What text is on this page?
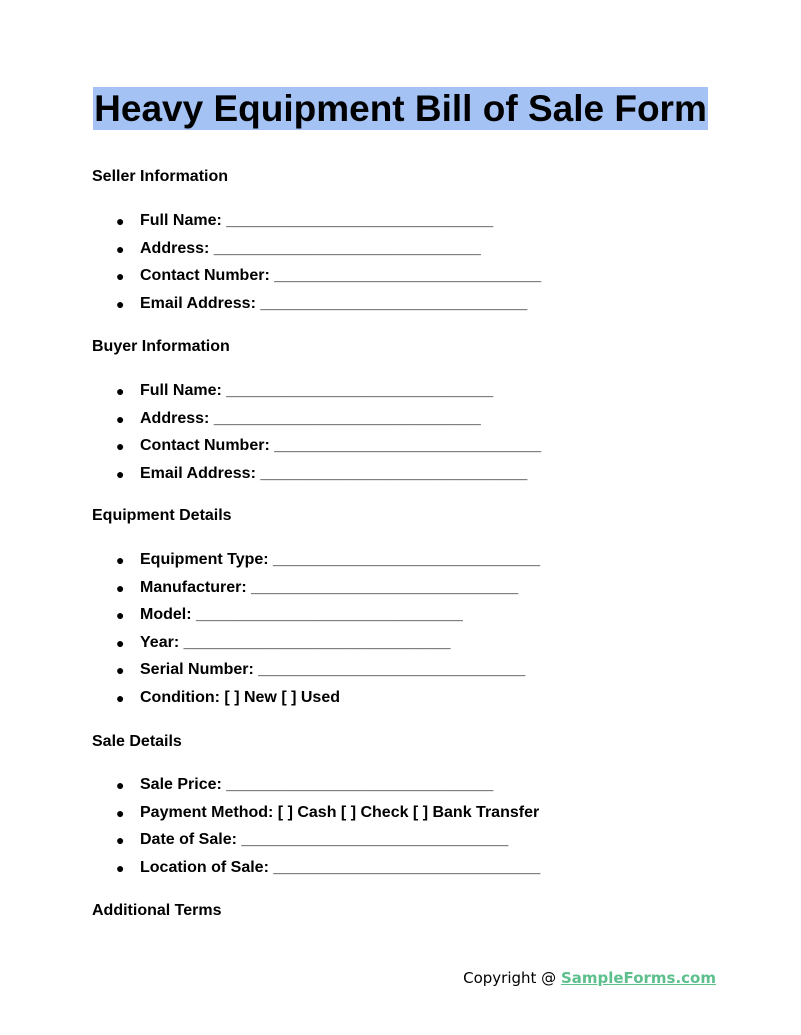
Heavy Equipment Bill of Sale Form
Seller Information
● Full Name: ______________________________
● Address: ______________________________
● Contact Number: ______________________________
● Email Address: ______________________________
Buyer Information
● Full Name: ______________________________
● Address: ______________________________
● Contact Number: ______________________________
● Email Address: ______________________________
Equipment Details
● Equipment Type: ______________________________
● Manufacturer: ______________________________
● Model: ______________________________
● Year: ______________________________
● Serial Number: ______________________________
● Condition: [ ] New [ ] Used
Sale Details
● Sale Price: ______________________________
● Payment Method: [ ] Cash [ ] Check [ ] Bank Transfer
● Date of Sale: ______________________________
● Location of Sale: ______________________________
Additional Terms
Copyright @ SampleForms.com
